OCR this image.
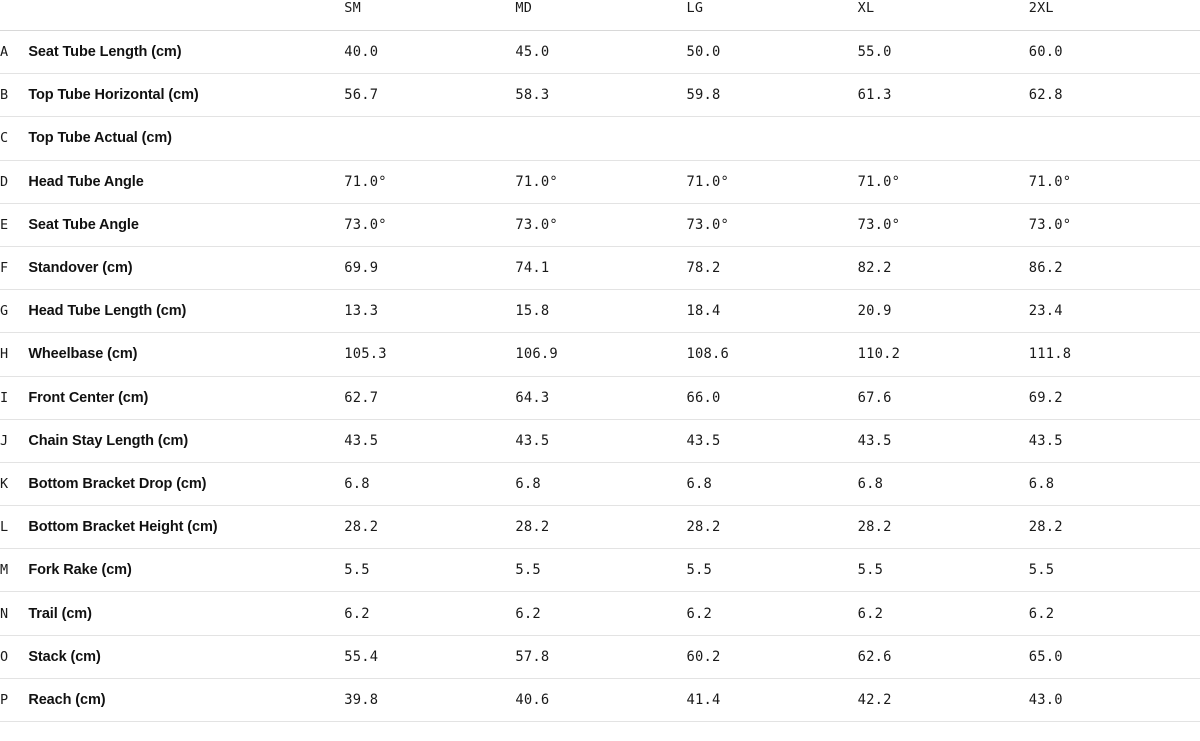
		SM	MD	LG	XL	2XL
A	Seat Tube Length (cm)	40.0	45.0	50.0	55.0	60.0
B	Top Tube Horizontal (cm)	56.7	58.3	59.8	61.3	62.8
C	Top Tube Actual (cm)					
D	Head Tube Angle	71.0°	71.0°	71.0°	71.0°	71.0°
E	Seat Tube Angle	73.0°	73.0°	73.0°	73.0°	73.0°
F	Standover (cm)	69.9	74.1	78.2	82.2	86.2
G	Head Tube Length (cm)	13.3	15.8	18.4	20.9	23.4
H	Wheelbase (cm)	105.3	106.9	108.6	110.2	111.8
I	Front Center (cm)	62.7	64.3	66.0	67.6	69.2
J	Chain Stay Length (cm)	43.5	43.5	43.5	43.5	43.5
K	Bottom Bracket Drop (cm)	6.8	6.8	6.8	6.8	6.8
L	Bottom Bracket Height (cm)	28.2	28.2	28.2	28.2	28.2
M	Fork Rake (cm)	5.5	5.5	5.5	5.5	5.5
N	Trail (cm)	6.2	6.2	6.2	6.2	6.2
O	Stack (cm)	55.4	57.8	60.2	62.6	65.0
P	Reach (cm)	39.8	40.6	41.4	42.2	43.0
